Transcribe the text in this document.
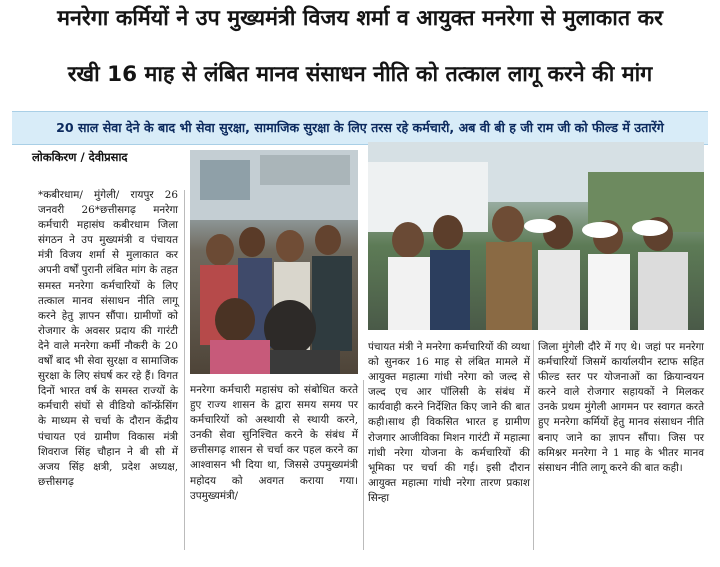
मनरेगा कर्मियों ने उप मुख्यमंत्री विजय शर्मा व आयुक्त मनरेगा से मुलाकात कर
रखी 16 माह से लंबित मानव संसाधन नीति को तत्काल लागू करने की मांग
20 साल सेवा देने के बाद भी सेवा सुरक्षा, सामाजिक सुरक्षा के लिए तरस रहे कर्मचारी, अब वी बी ह जी राम जी को फील्ड में उतारेंगे
लोककिरण / देवीप्रसाद
*कबीरधाम/ मुंगेली/ रायपुर 26 जनवरी 26*छत्तीसगढ़ मनरेगा कर्मचारी महासंघ कबीरधाम जिला संगठन ने उप मुख्यमंत्री व पंचायत मंत्री विजय शर्मा से मुलाकात कर अपनी वर्षों पुरानी लंबित मांग के तहत समस्त मनरेगा कर्मचारियों के लिए तत्काल मानव संसाधन नीति लागू करने हेतु ज्ञापन सौंपा। ग्रामीणों को रोजगार के अवसर प्रदाय की गारंटी देने वाले मनरेगा कर्मी नौकरी के 20 वर्षों बाद भी सेवा सुरक्षा व सामाजिक सुरक्षा के लिए संघर्ष कर रहे हैं। विगत दिनों भारत वर्ष के समस्त राज्यों के कर्मचारी संघों से वीडियो कॉन्फ्रेंसिंग के माध्यम से चर्चा के दौरान केंद्रीय पंचायत एवं ग्रामीण विकास मंत्री शिवराज सिंह चौहान ने बी सी में अजय सिंह क्षत्री, प्रदेश अध्यक्ष, छत्तीसगढ़
मनरेगा कर्मचारी महासंघ को संबोधित करते हुए राज्य शासन के द्वारा समय समय पर कर्मचारियों को अस्थायी से स्थायी करने, उनकी सेवा सुनिश्चित करने के संबंध में छत्तीसगढ़ शासन से चर्चा कर पहल करने का आश्वासन भी दिया था, जिससे उपमुख्यमंत्री महोदय को अवगत कराया गया। उपमुख्यमंत्री/
पंचायत मंत्री ने मनरेगा कर्मचारियों की व्यथा को सुनकर 16 माह से लंबित मामले में आयुक्त महात्मा गांधी नरेगा को जल्द से जल्द एच आर पॉलिसी के संबंध में कार्यवाही करने निर्देशित किए जाने की बात कही।साथ ही विकसित भारत ह ग्रामीण रोजगार आजीविका मिशन गारंटी में महात्मा गांधी नरेगा योजना के कर्मचारियों की भूमिका पर चर्चा की गई। इसी दौरान आयुक्त महात्मा गांधी नरेगा तारण प्रकाश सिन्हा
जिला मुंगेली दौरे में गए थे। जहां पर मनरेगा कर्मचारियों जिसमें कार्यालयीन स्टाफ सहित फील्ड स्तर पर योजनाओं का क्रियान्वयन करने वाले रोजगार सहायकों ने मिलकर उनके प्रथम मुंगेली आगमन पर स्वागत करते हुए मनरेगा कर्मियों हेतु मानव संसाधन नीति बनाए जाने का ज्ञापन सौंपा। जिस पर कमिश्नर मनरेगा ने 1 माह के भीतर मानव संसाधन नीति लागू करने की बात कही।
